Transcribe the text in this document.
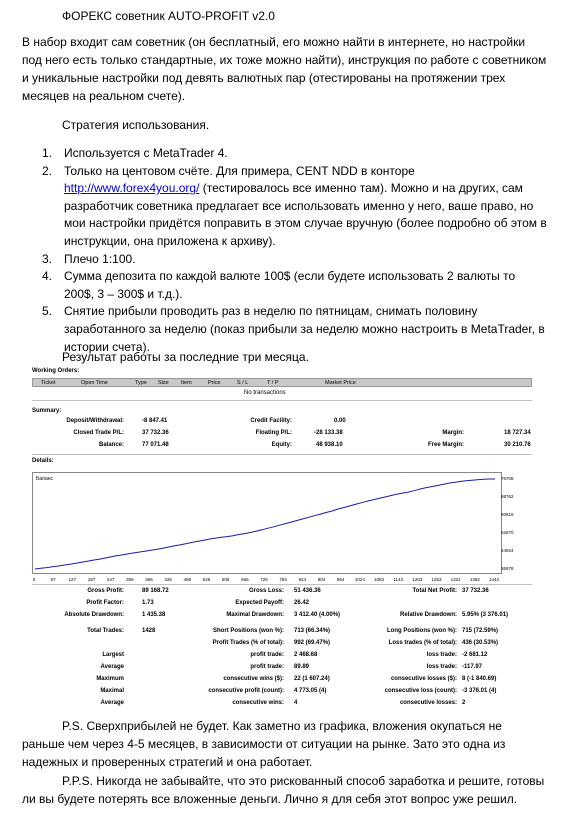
ФОРЕКС советник AUTO-PROFIT v2.0
В набор входит сам советник (он бесплатный, его можно найти в интернете, но настройки под него есть только стандартные, их тоже можно найти), инструкция по работе с советником и уникальные настройки под девять валютных пар (отестированы на протяжении трех месяцев на реальном счете).
Стратегия использования.
1. Используется с MetaTrader 4.
2. Только на центовом счёте. Для примера, CENT NDD в конторе http://www.forex4you.org/ (тестировалось все именно там). Можно и на других, сам разработчик советника предлагает все использовать именно у него, ваше право, но мои настройки придётся поправить в этом случае вручную (более подробно об этом в инструкции, она приложена к архиву).
3. Плечо 1:100.
4. Сумма депозита по каждой валюте 100$ (если будете использовать 2 валюты то 200$, 3 – 300$ и т.д.).
5. Снятие прибыли проводить раз в неделю по пятницам, снимать половину заработанного за неделю (показ прибыли за неделю можно настроить в MetaTrader, в истории счета).
Результат работы за последние три месяца.
Working Orders:
Ticket	Open Time	Type Size Item	Price	S / L	T / P	Market Price
No transactions
Summary:
Deposit/Withdrawal:	-8 847.41	Credit Facility:	0.00
Closed Trade P/L:	37 732.36	Floating P/L:	-28 133.38	Margin:	18 727.34
Balance:	77 071.48	Equity:	48 938.10	Free Margin:	30 210.76
Details:
Баланс	76708
68762
60816
52870
44924
36978
0	67	127	187	247	306	366	426	486	546	605	665	725	784	844	904	964 1024 1083 1143 1203 1263 1322 1382 1442
Gross Profit:	89 168.72	Gross Loss: 51 436.36	Total Net Profit: 37 732.36
Profit Factor:	1.73	Expected Payoff: 26.42
Absolute Drawdown:	1 435.38	Maximal Drawdown: 3 412.40 (4.00%)	Relative Drawdown: 5.95% (3 376.01)
Total Trades:	1428	Short Positions (won %): 713 (66.34%)	Long Positions (won %): 715 (72.59%)
Profit Trades (% of total): 992 (69.47%)	Loss trades (% of total): 436 (30.53%)
Largest	profit trade: 2 468.68	loss trade: -2 681.12
Average	profit trade: 89.89	loss trade: -117.97
Maximum	consecutive wins ($): 22 (1 607.24)	consecutive losses ($): 8 (-1 840.69)
Maximal	consecutive profit (count): 4 773.05 (4)	consecutive loss (count): -3 376.01 (4)
Average	consecutive wins: 4	consecutive losses: 2
P.S. Сверхприбылей не будет. Как заметно из графика, вложения окупаться не раньше чем через 4-5 месяцев, в зависимости от ситуации на рынке. Зато это одна из надежных и проверенных стратегий и она работает.
P.P.S. Никогда не забывайте, что это рискованный способ заработка и решите, готовы ли вы будете потерять все вложенные деньги. Лично я для себя этот вопрос уже решил.
